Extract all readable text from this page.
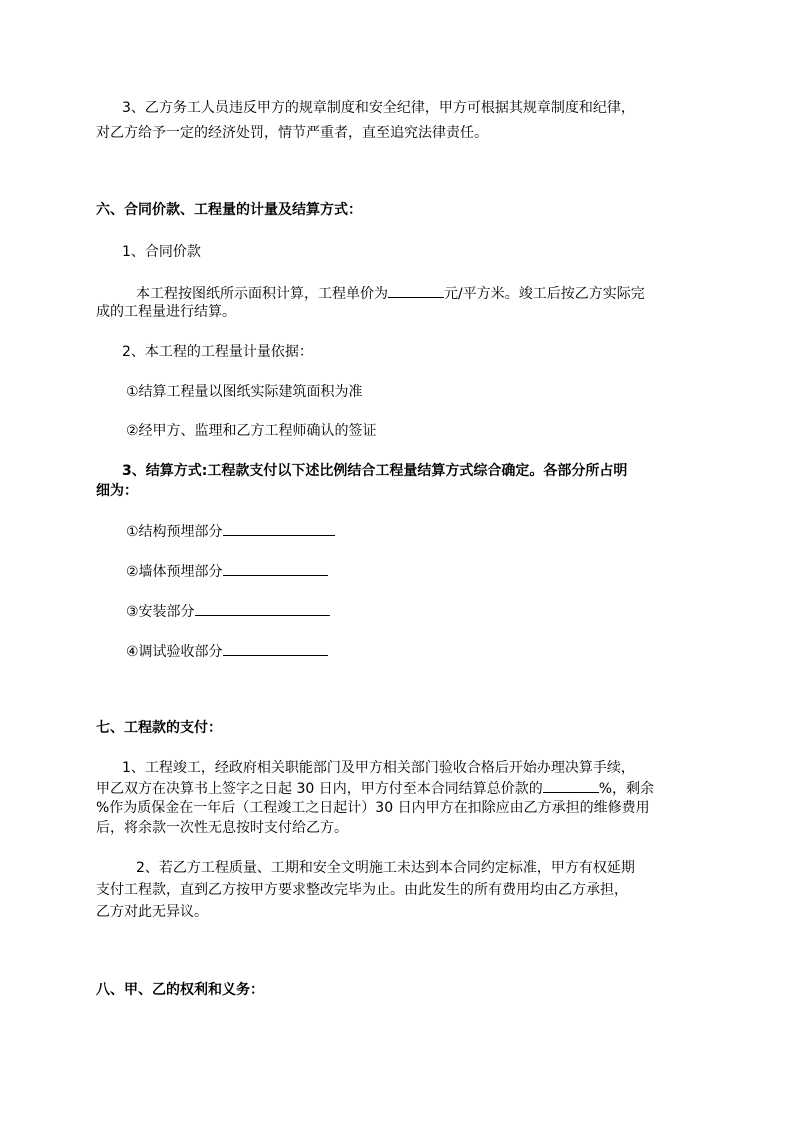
3、乙方务工人员违反甲方的规章制度和安全纪律，甲方可根据其规章制度和纪律，
对乙方给予一定的经济处罚，情节严重者，直至追究法律责任。
六、合同价款、工程量的计量及结算方式：
1、合同价款
本工程按图纸所示面积计算，工程单价为	元/平方米。竣工后按乙方实际完
成的工程量进行结算。
2、本工程的工程量计量依据：
①结算工程量以图纸实际建筑面积为准
②经甲方、监理和乙方工程师确认的签证
3、结算方式:工程款支付以下述比例结合工程量结算方式综合确定。各部分所占明
细为：
①结构预埋部分
②墙体预埋部分
③安装部分
④调试验收部分
七、工程款的支付：
1、工程竣工，经政府相关职能部门及甲方相关部门验收合格后开始办理决算手续，
甲乙双方在决算书上签字之日起 30 日内，甲方付至本合同结算总价款的	%，剩余
%作为质保金在一年后（工程竣工之日起计）30 日内甲方在扣除应由乙方承担的维修费用
后，将余款一次性无息按时支付给乙方。
2、若乙方工程质量、工期和安全文明施工未达到本合同约定标准，甲方有权延期
支付工程款，直到乙方按甲方要求整改完毕为止。由此发生的所有费用均由乙方承担，
乙方对此无异议。
八、甲、乙的权利和义务：
